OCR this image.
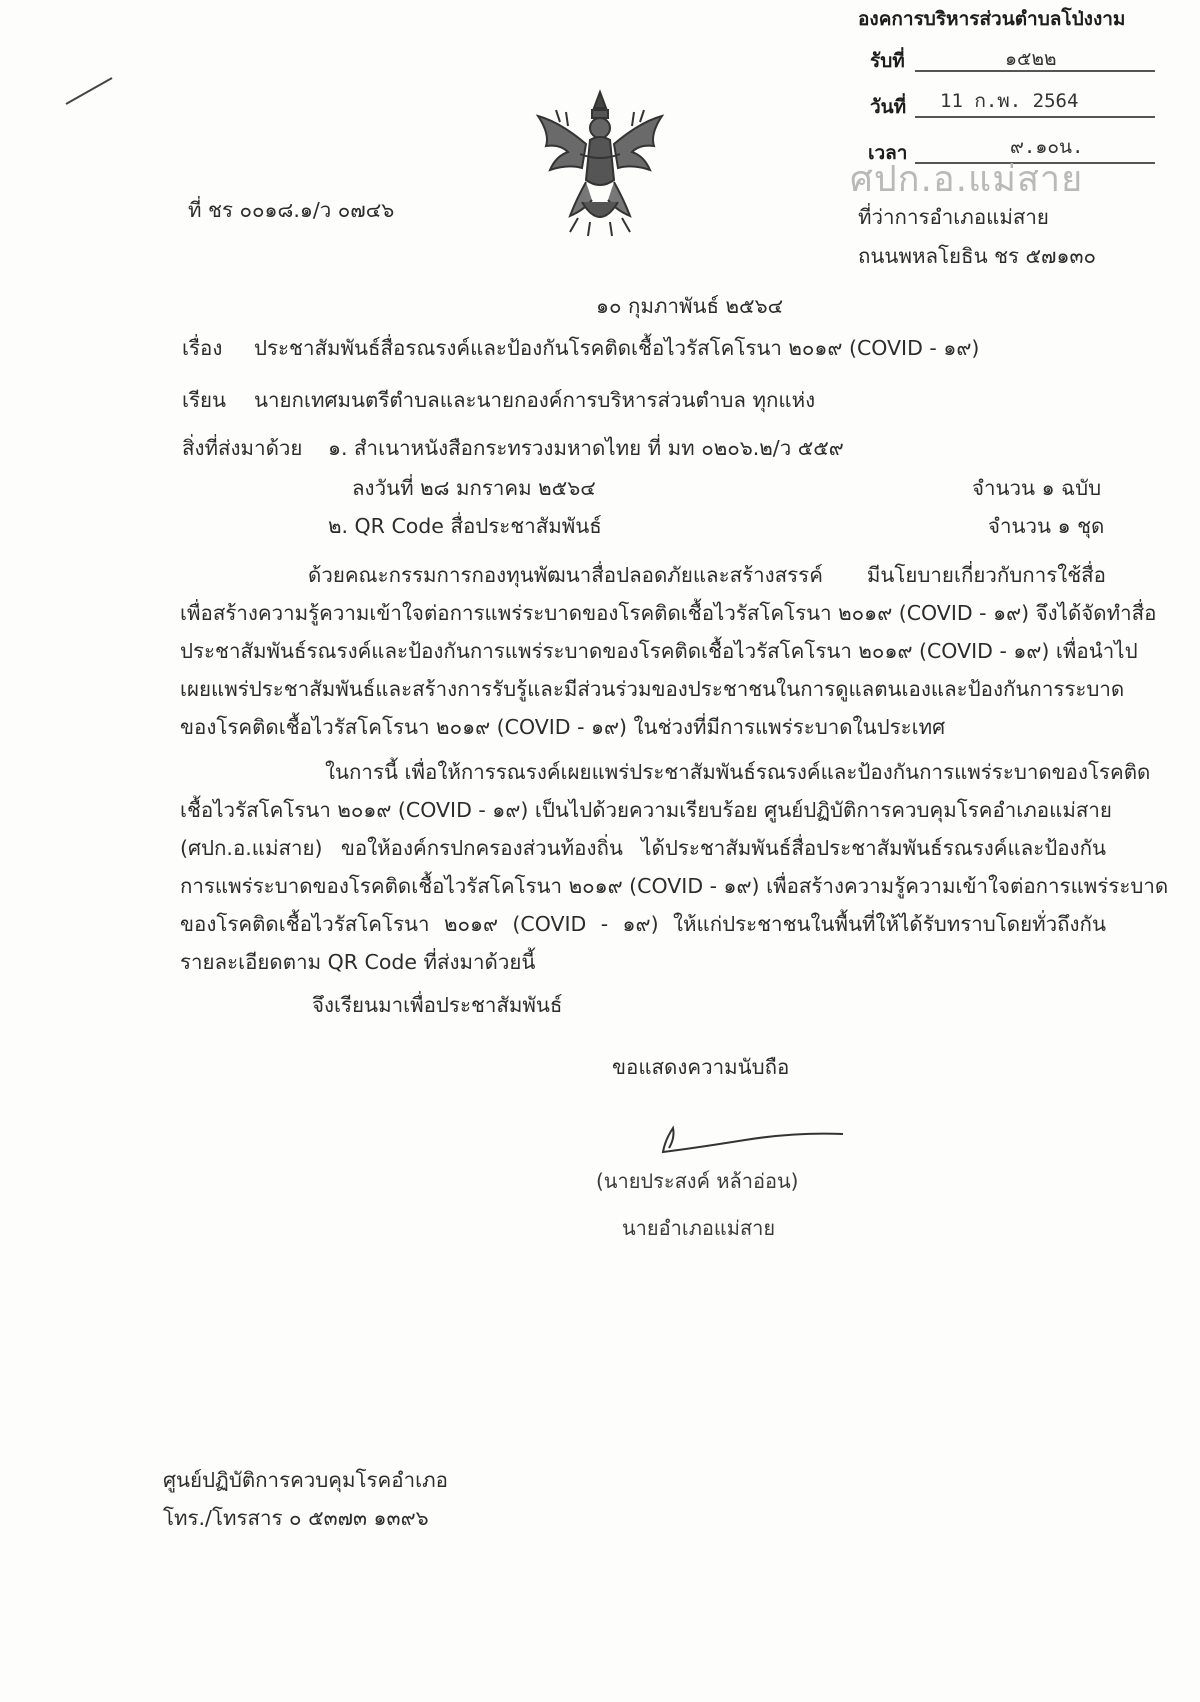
องคการบริหารส่วนตำบลโป่งงาม
รับที่	๑๕๒๒
วันที่ 11 ก.พ. 2564
เวลา	๙.๑๐น.
ศปก.อ.แม่สาย
ที่ ชร ๐๐๑๘.๑/ว ๐๗๔๖	ที่ว่าการอำเภอแม่สาย
ถนนพหลโยธิน ชร ๕๗๑๓๐
๑๐ กุมภาพันธ์ ๒๕๖๔
เรื่อง ประชาสัมพันธ์สื่อรณรงค์และป้องกันโรคติดเชื้อไวรัสโคโรนา ๒๐๑๙ (COVID - ๑๙)
เรียน นายกเทศมนตรีตำบลและนายกองค์การบริหารส่วนตำบล ทุกแห่ง
สิ่งที่ส่งมาด้วย ๑. สำเนาหนังสือกระทรวงมหาดไทย ที่ มท ๐๒๐๖.๒/ว ๕๕๙
ลงวันที่ ๒๘ มกราคม ๒๕๖๔	จำนวน ๑ ฉบับ
๒. QR Code สื่อประชาสัมพันธ์	จำนวน ๑ ชุด
ด้วยคณะกรรมการกองทุนพัฒนาสื่อปลอดภัยและสร้างสรรค์ มีนโยบายเกี่ยวกับการใช้สื่อ
เพื่อสร้างความรู้ความเข้าใจต่อการแพร่ระบาดของโรคติดเชื้อไวรัสโคโรนา ๒๐๑๙ (COVID - ๑๙) จึงได้จัดทำสื่อ
ประชาสัมพันธ์รณรงค์และป้องกันการแพร่ระบาดของโรคติดเชื้อไวรัสโคโรนา ๒๐๑๙ (COVID - ๑๙) เพื่อนำไป
เผยแพร่ประชาสัมพันธ์และสร้างการรับรู้และมีส่วนร่วมของประชาชนในการดูแลตนเองและป้องกันการระบาด
ของโรคติดเชื้อไวรัสโคโรนา ๒๐๑๙ (COVID - ๑๙) ในช่วงที่มีการแพร่ระบาดในประเทศ
ในการนี้ เพื่อให้การรณรงค์เผยแพร่ประชาสัมพันธ์รณรงค์และป้องกันการแพร่ระบาดของโรคติด
เชื้อไวรัสโคโรนา ๒๐๑๙ (COVID - ๑๙) เป็นไปด้วยความเรียบร้อย ศูนย์ปฏิบัติการควบคุมโรคอำเภอแม่สาย
(ศปก.อ.แม่สาย) ขอให้องค์กรปกครองส่วนท้องถิ่น ได้ประชาสัมพันธ์สื่อประชาสัมพันธ์รณรงค์และป้องกัน
การแพร่ระบาดของโรคติดเชื้อไวรัสโคโรนา ๒๐๑๙ (COVID - ๑๙) เพื่อสร้างความรู้ความเข้าใจต่อการแพร่ระบาด
ของโรคติดเชื้อไวรัสโคโรนา ๒๐๑๙ (COVID - ๑๙) ให้แก่ประชาชนในพื้นที่ให้ได้รับทราบโดยทั่วถึงกัน
รายละเอียดตาม QR Code ที่ส่งมาด้วยนี้
จึงเรียนมาเพื่อประชาสัมพันธ์
ขอแสดงความนับถือ
(นายประสงค์ หล้าอ่อน)
นายอำเภอแม่สาย
ศูนย์ปฏิบัติการควบคุมโรคอำเภอ
โทร./โทรสาร ๐ ๕๓๗๓ ๑๓๙๖
